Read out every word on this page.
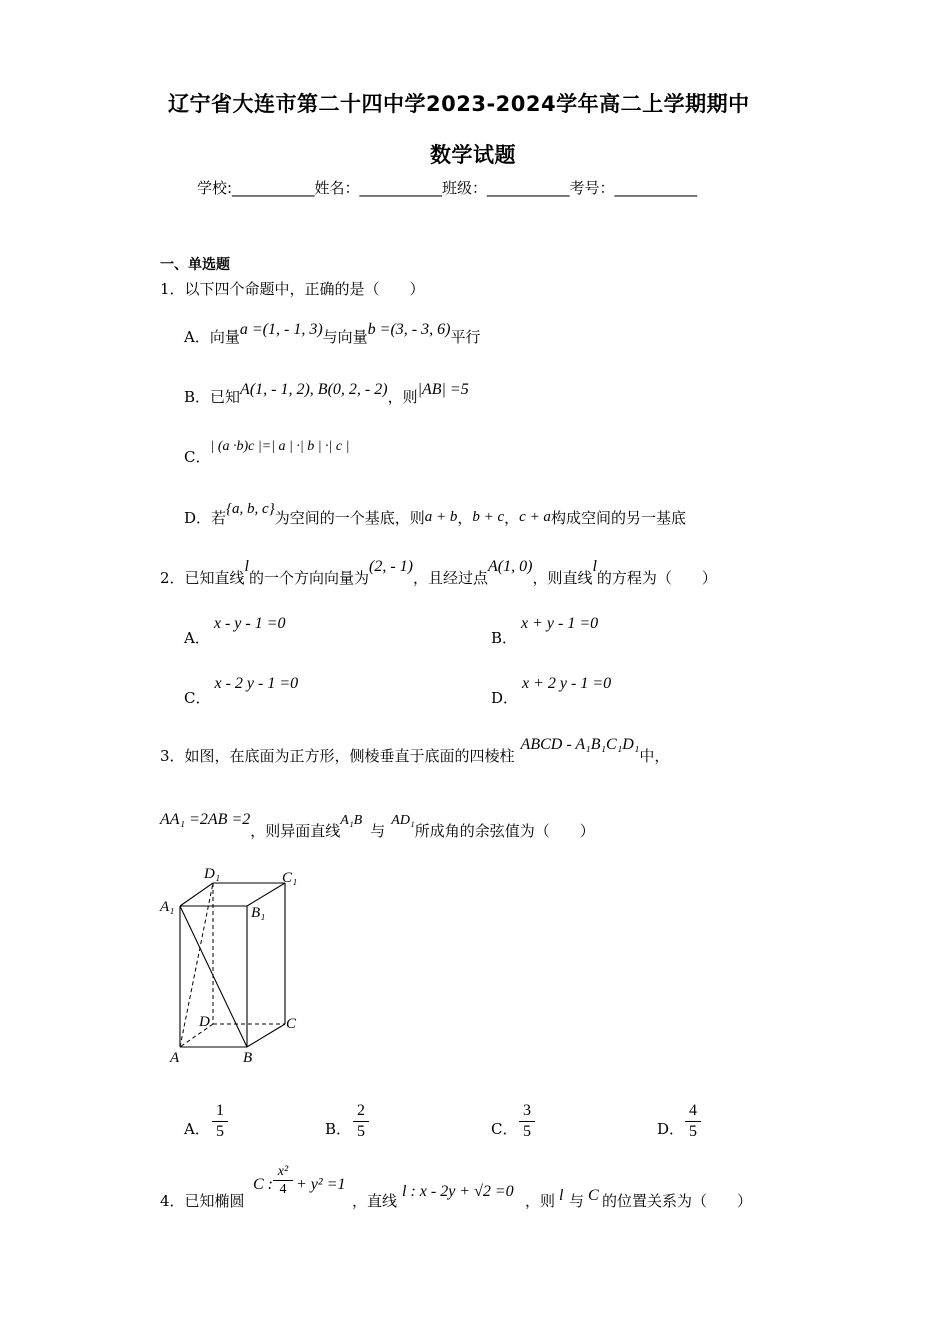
辽宁省大连市第二十四中学2023-2024学年高二上学期期中
数学试题
学校:___________姓名：___________班级：___________考号：___________
一、单选题
1．以下四个命题中，正确的是（　　）
A．向量a =(1, - 1, 3)与向量b =(3, - 3, 6)平行
B．已知A(1, - 1, 2), B(0, 2, - 2)，则|AB| =5
C．| (a ·b)c |=| a | ·| b | ·| c |
D．若{a, b, c}为空间的一个基底，则a + b，b + c，c + a构成空间的另一基底
2．已知直线l的一个方向向量为(2, - 1)，且经过点A(1, 0)，则直线l的方程为（　　）
A．x - y - 1 =0
B．x + y - 1 =0
C．x - 2 y - 1 =0
D．x + 2 y - 1 =0
3．如图，在底面为正方形，侧棱垂直于底面的四棱柱ABCD - A₁B₁C₁D₁中，
AA₁ =2AB =2，则异面直线A₁B与AD₁所成角的余弦值为（　　）
D₁	C₁
A₁	B₁
D	C
A	B
A．
1
5	B．
2
5	C．
3
5	D．
4
5
4．已知椭圆
C :
x²
4 + y² =1
，直线
l : x - 2y + √2 =0
，则 l 与 C 的位置关系为（　　）
